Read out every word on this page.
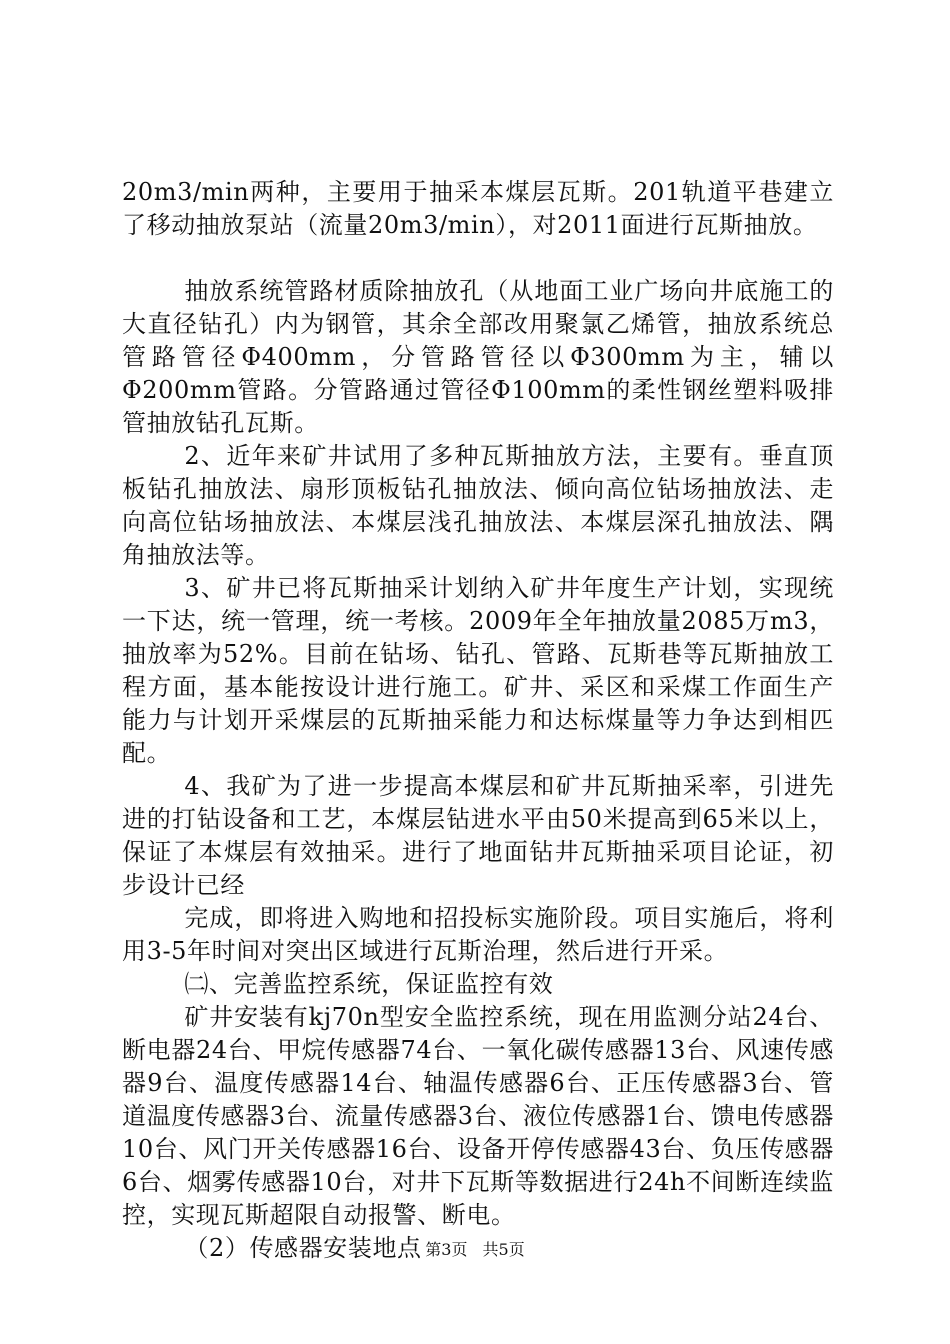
20m3/min两种，主要用于抽采本煤层瓦斯。201轨道平巷建立了移动抽放泵站（流量20m3/min），对2011面进行瓦斯抽放。

抽放系统管路材质除抽放孔（从地面工业广场向井底施工的大直径钻孔）内为钢管，其余全部改用聚氯乙烯管，抽放系统总管路管径Φ400mm，分管路管径以Φ300mm为主，辅以Φ200mm管路。分管路通过管径Φ100mm的柔性钢丝塑料吸排管抽放钻孔瓦斯。

2、近年来矿井试用了多种瓦斯抽放方法，主要有。垂直顶板钻孔抽放法、扇形顶板钻孔抽放法、倾向高位钻场抽放法、走向高位钻场抽放法、本煤层浅孔抽放法、本煤层深孔抽放法、隅角抽放法等。

3、矿井已将瓦斯抽采计划纳入矿井年度生产计划，实现统一下达，统一管理，统一考核。2009年全年抽放量2085万m3，抽放率为52%。目前在钻场、钻孔、管路、瓦斯巷等瓦斯抽放工程方面，基本能按设计进行施工。矿井、采区和采煤工作面生产能力与计划开采煤层的瓦斯抽采能力和达标煤量等力争达到相匹配。

4、我矿为了进一步提高本煤层和矿井瓦斯抽采率，引进先进的打钻设备和工艺，本煤层钻进水平由50米提高到65米以上，保证了本煤层有效抽采。进行了地面钻井瓦斯抽采项目论证，初步设计已经

完成，即将进入购地和招投标实施阶段。项目实施后，将利用3-5年时间对突出区域进行瓦斯治理，然后进行开采。

㈡、完善监控系统，保证监控有效

矿井安装有kj70n型安全监控系统，现在用监测分站24台、断电器24台、甲烷传感器74台、一氧化碳传感器13台、风速传感器9台、温度传感器14台、轴温传感器6台、正压传感器3台、管道温度传感器3台、流量传感器3台、液位传感器1台、馈电传感器10台、风门开关传感器16台、设备开停传感器43台、负压传感器6台、烟雾传感器10台，对井下瓦斯等数据进行24h不间断连续监控，实现瓦斯超限自动报警、断电。

（2）传感器安装地点 第3页 共5页
